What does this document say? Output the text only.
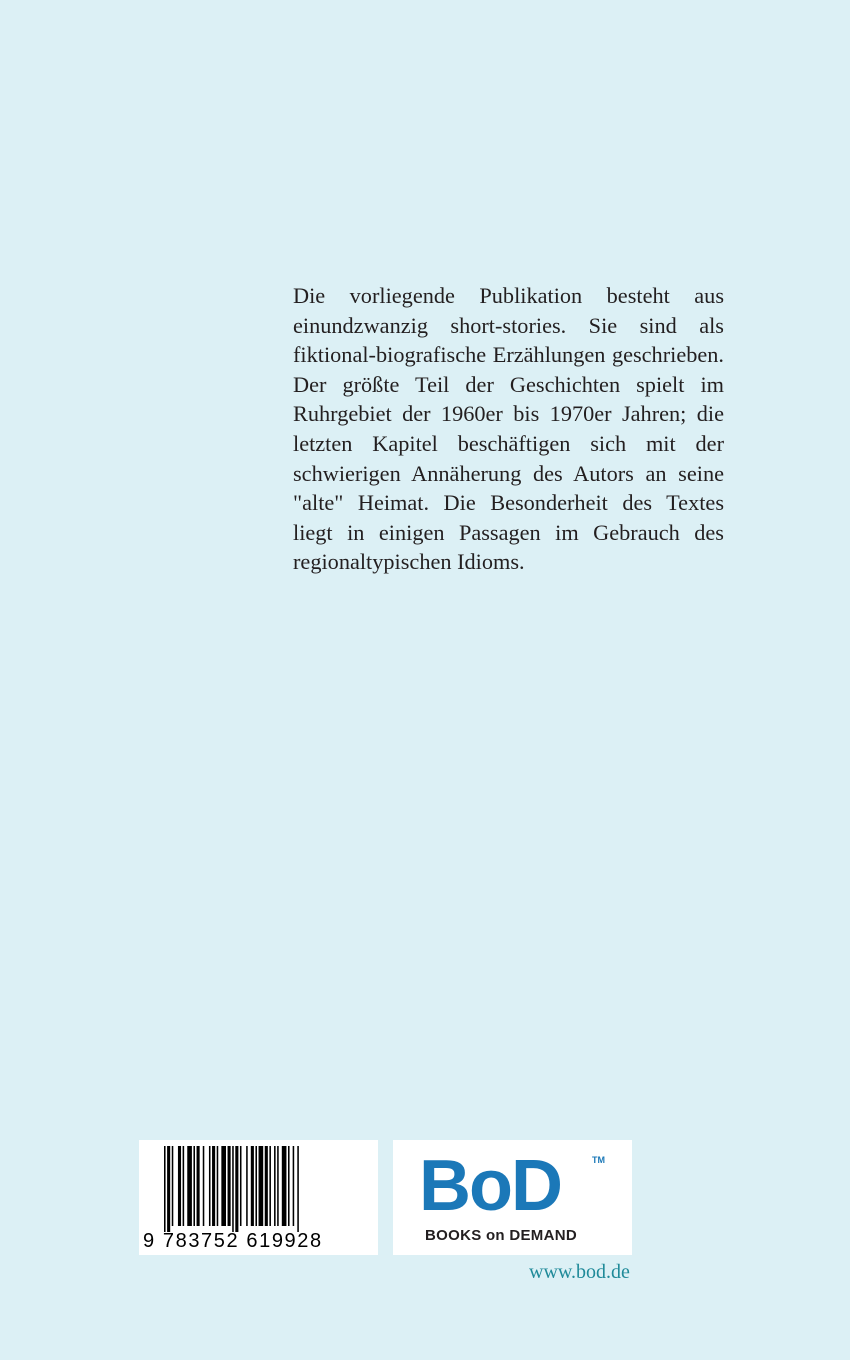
Die vorliegende Publikation besteht aus einundzwanzig short-stories. Sie sind als fiktional-biografische Erzählungen geschrieben. Der größte Teil der Geschichten spielt im Ruhrgebiet der 1960er bis 1970er Jahren; die letzten Kapitel beschäftigen sich mit der schwierigen Annäherung des Autors an seine "alte" Heimat. Die Besonderheit des Textes liegt in einigen Passagen im Gebrauch des regionaltypischen Idioms.

9 783752 619928
BoD	TM
BOOKS on DEMAND
www.bod.de
